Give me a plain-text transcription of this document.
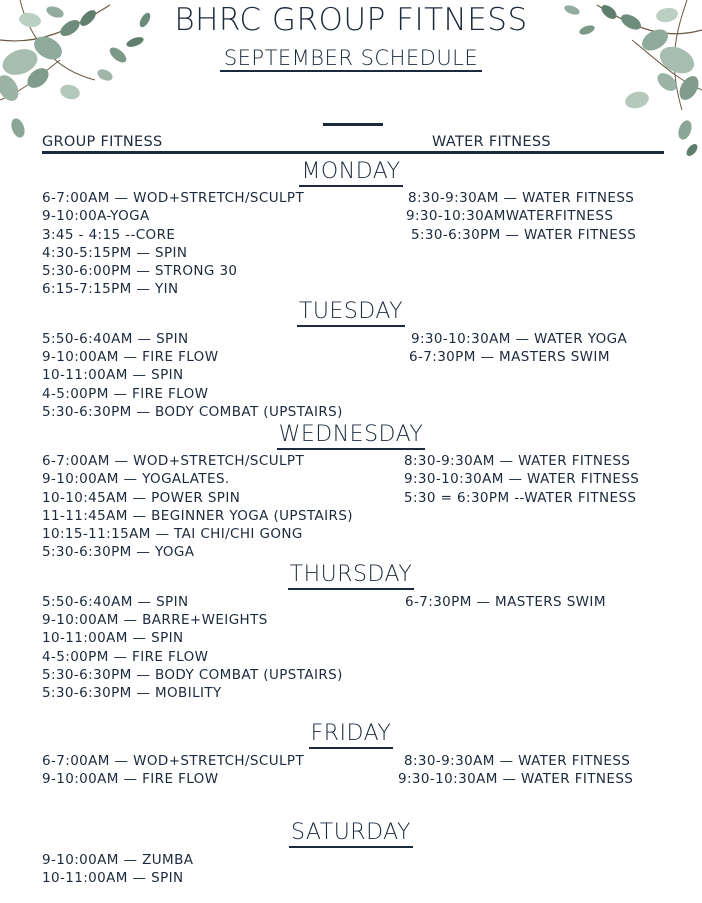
BHRC GROUP FITNESS
SEPTEMBER SCHEDULE
GROUP FITNESS	WATER FITNESS
MONDAY
6-7:00AM — WOD+STRETCH/SCULPT
9-10:00A-YOGA
3:45 - 4:15 --CORE
4:30-5:15PM — SPIN
5:30-6:00PM — STRONG 30
6:15-7:15PM — YIN
8:30-9:30AM — WATER FITNESS
9:30-10:30AMWATERFITNESS
5:30-6:30PM — WATER FITNESS
TUESDAY
5:50-6:40AM — SPIN
9-10:00AM — FIRE FLOW
10-11:00AM — SPIN
4-5:00PM — FIRE FLOW
5:30-6:30PM — BODY COMBAT (UPSTAIRS)
9:30-10:30AM — WATER YOGA
6-7:30PM — MASTERS SWIM
WEDNESDAY
6-7:00AM — WOD+STRETCH/SCULPT
9-10:00AM — YOGALATES.
10-10:45AM — POWER SPIN
11-11:45AM — BEGINNER YOGA (UPSTAIRS)
10:15-11:15AM — TAI CHI/CHI GONG
5:30-6:30PM — YOGA
8:30-9:30AM — WATER FITNESS
9:30-10:30AM — WATER FITNESS
5:30 = 6:30PM --WATER FITNESS
THURSDAY
5:50-6:40AM — SPIN
9-10:00AM — BARRE+WEIGHTS
10-11:00AM — SPIN
4-5:00PM — FIRE FLOW
5:30-6:30PM — BODY COMBAT (UPSTAIRS)
5:30-6:30PM — MOBILITY
6-7:30PM — MASTERS SWIM
FRIDAY
6-7:00AM — WOD+STRETCH/SCULPT
9-10:00AM — FIRE FLOW
8:30-9:30AM — WATER FITNESS
9:30-10:30AM — WATER FITNESS
SATURDAY
9-10:00AM — ZUMBA
10-11:00AM — SPIN
